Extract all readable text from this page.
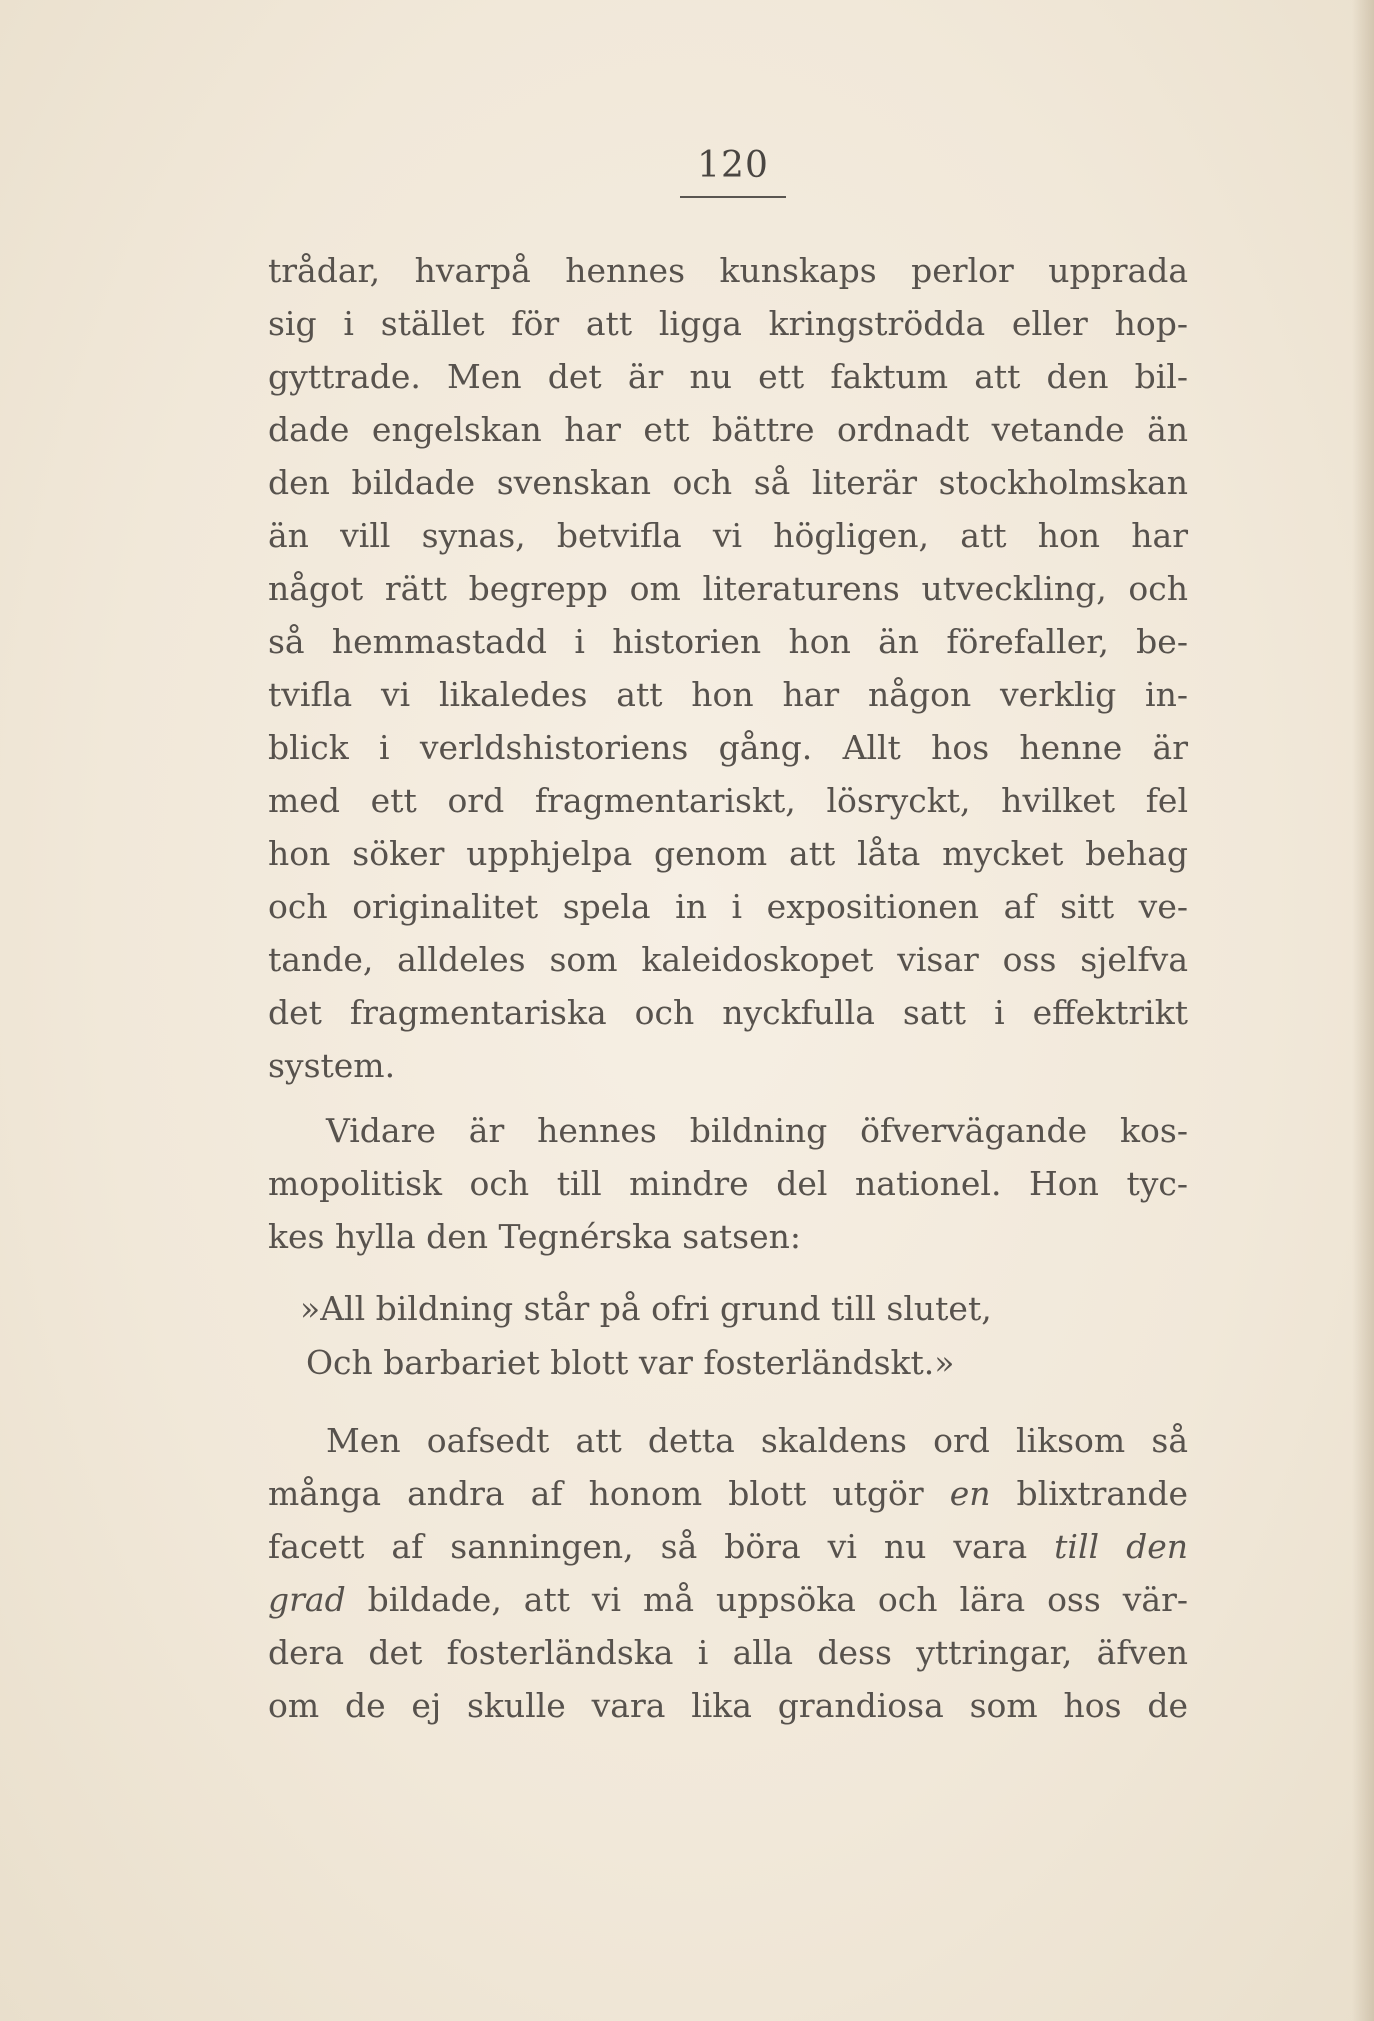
120
trådar, hvarpå hennes kunskaps perlor upprada
sig i stället för att ligga kringströdda eller hop-
gyttrade. Men det är nu ett faktum att den bil-
dade engelskan har ett bättre ordnadt vetande än
den bildade svenskan och så literär stockholmskan
än vill synas, betvifla vi högligen, att hon har
något rätt begrepp om literaturens utveckling, och
så hemmastadd i historien hon än förefaller, be-
tvifla vi likaledes att hon har någon verklig in-
blick i verldshistoriens gång. Allt hos henne är
med ett ord fragmentariskt, lösryckt, hvilket fel
hon söker upphjelpa genom att låta mycket behag
och originalitet spela in i expositionen af sitt ve-
tande, alldeles som kaleidoskopet visar oss sjelfva
det fragmentariska och nyckfulla satt i effektrikt
system.
Vidare är hennes bildning öfvervägande kos-
mopolitisk och till mindre del nationel. Hon tyc-
kes hylla den Tegnérska satsen:
»All bildning står på ofri grund till slutet,
Och barbariet blott var fosterländskt.»
Men oafsedt att detta skaldens ord liksom så
många andra af honom blott utgör en blixtrande
facett af sanningen, så böra vi nu vara till den
grad bildade, att vi må uppsöka och lära oss vär-
dera det fosterländska i alla dess yttringar, äfven
om de ej skulle vara lika grandiosa som hos de
